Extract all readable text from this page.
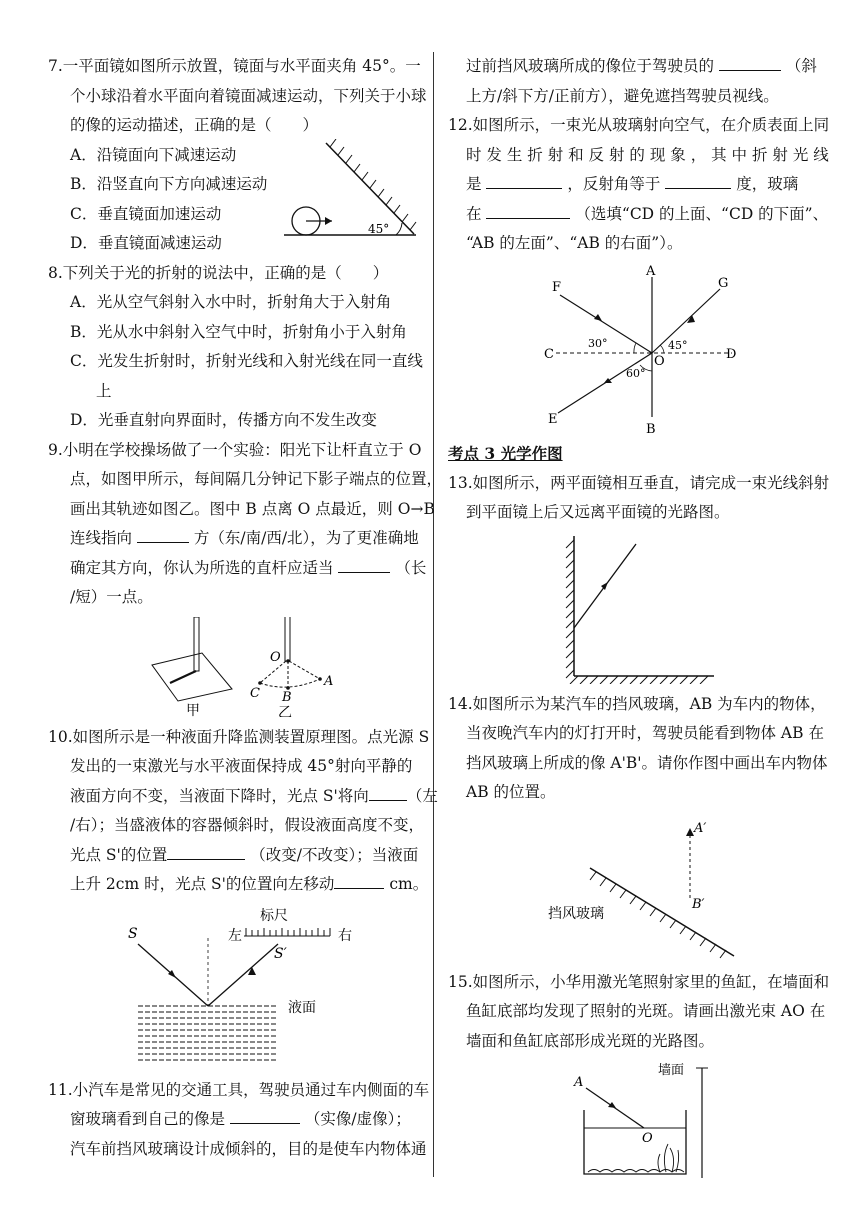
7.一平面镜如图所示放置，镜面与水平面夹角 45°。一

个小球沿着水平面向着镜面减速运动，下列关于小球

的像的运动描述，正确的是（　　）

A．沿镜面向下减速运动

B．沿竖直向下方向减速运动

C．垂直镜面加速运动

D．垂直镜面减速运动

45°

8.下列关于光的折射的说法中，正确的是（　　）

A．光从空气斜射入水中时，折射角大于入射角

B．光从水中斜射入空气中时，折射角小于入射角

C．光发生折射时，折射光线和入射光线在同一直线

上

D．光垂直射向界面时，传播方向不发生改变

9.小明在学校操场做了一个实验：阳光下让杆直立于 O

点，如图甲所示，每间隔几分钟记下影子端点的位置，

画出其轨迹如图乙。图中 B 点离 O 点最近，则 O→B

连线指向	方（东/南/西/北），为了更准确地

确定其方向，你认为所选的直杆应适当	（长

/短）一点。

甲
O
C B
A
乙

10.如图所示是一种液面升降监测装置原理图。点光源 S

发出的一束激光与水平液面保持成 45°射向平静的

液面方向不变，当液面下降时，光点 S'将向 （左

/右）；当盛液体的容器倾斜时，假设液面高度不变，

光点 S'的位置	（改变/不改变）；当液面

上升 2cm 时，光点 S'的位置向左移动	cm。

标尺
左	右
S
S′
液面

11.小汽车是常见的交通工具，驾驶员通过车内侧面的车

窗玻璃看到自己的像是	（实像/虚像）；

汽车前挡风玻璃设计成倾斜的，目的是使车内物体通

过前挡风玻璃所成的像位于驾驶员的	（斜

上方/斜下方/正前方），避免遮挡驾驶员视线。

12.如图所示，一束光从玻璃射向空气，在介质表面上同

时 发 生 折 射 和 反 射 的 现 象 ， 其 中 折 射 光 线

是	，反射角等于	度，玻璃

在	（选填“CD 的上面、“CD 的下面”、

“AB 的左面”、“AB 的右面”）。

F
A
G
C	D
E
B
O
30°	45°
60°

考点 3 光学作图

13.如图所示，两平面镜相互垂直，请完成一束光线斜射

到平面镜上后又远离平面镜的光路图。

14.如图所示为某汽车的挡风玻璃，AB 为车内的物体，

当夜晚汽车内的灯打开时，驾驶员能看到物体 AB 在

挡风玻璃上所成的像 A'B'。请你作图中画出车内物体

AB 的位置。

A′
B′
挡风玻璃

15.如图所示，小华用激光笔照射家里的鱼缸，在墙面和

鱼缸底部均发现了照射的光斑。请画出激光束 AO 在

墙面和鱼缸底部形成光斑的光路图。

墙面
A
O
